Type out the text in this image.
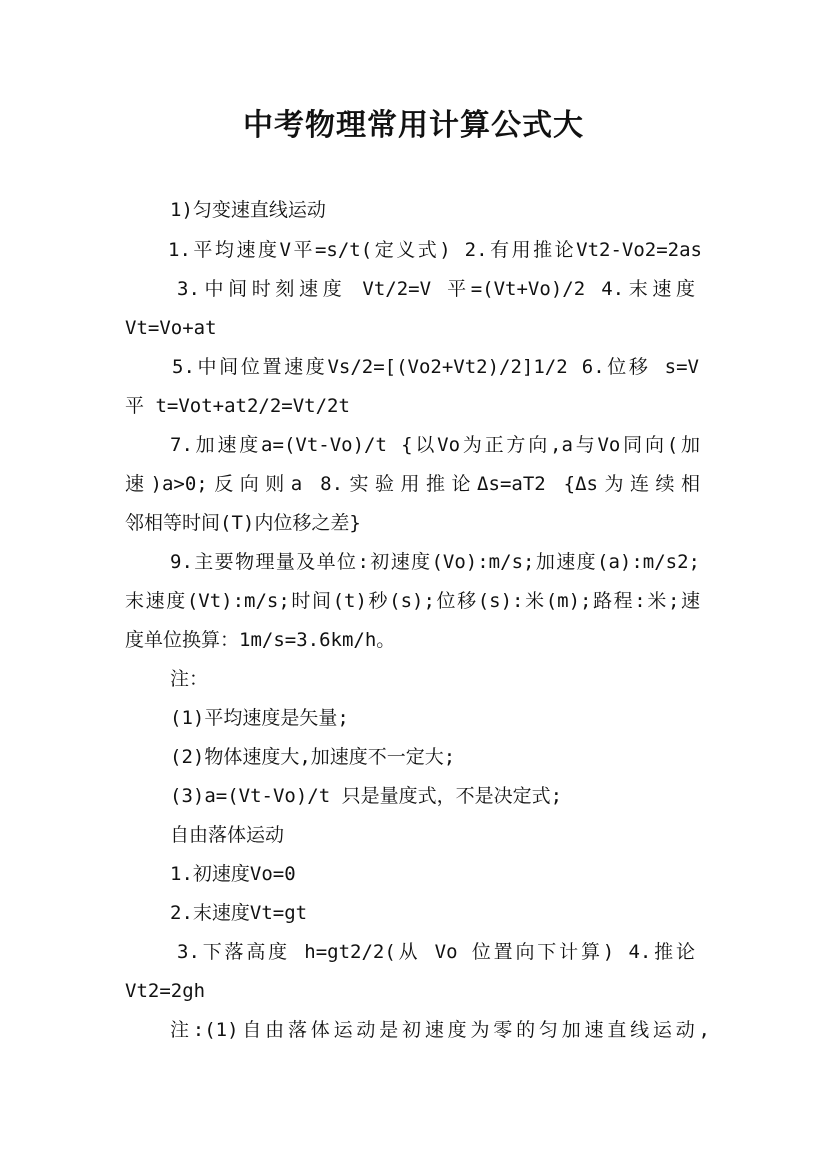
中考物理常用计算公式大
1)匀变速直线运动
1.平均速度V平=s/t(定义式) 2.有用推论Vt2-Vo2=2as
3.中间时刻速度 Vt/2=V 平=(Vt+Vo)/2 4.末速度
Vt=Vo+at
5.中间位置速度Vs/2=[(Vo2+Vt2)/2]1/2 6.位移 s=V
平 t=Vot+at2/2=Vt/2t
7.加速度a=(Vt-Vo)/t {以Vo为正方向,a与Vo同向(加
速)a>0;反向则a 8.实验用推论Δs=aT2 {Δs为连续相
邻相等时间(T)内位移之差}
9.主要物理量及单位:初速度(Vo):m/s;加速度(a):m/s2;
末速度(Vt):m/s;时间(t)秒(s);位移(s):米(m);路程:米;速
度单位换算：1m/s=3.6km/h。
注：
(1)平均速度是矢量;
(2)物体速度大,加速度不一定大;
(3)a=(Vt-Vo)/t 只是量度式，不是决定式;
自由落体运动
1.初速度Vo=0
2.末速度Vt=gt
3.下落高度 h=gt2/2(从 Vo 位置向下计算) 4.推论
Vt2=2gh
注:(1)自由落体运动是初速度为零的匀加速直线运动,
